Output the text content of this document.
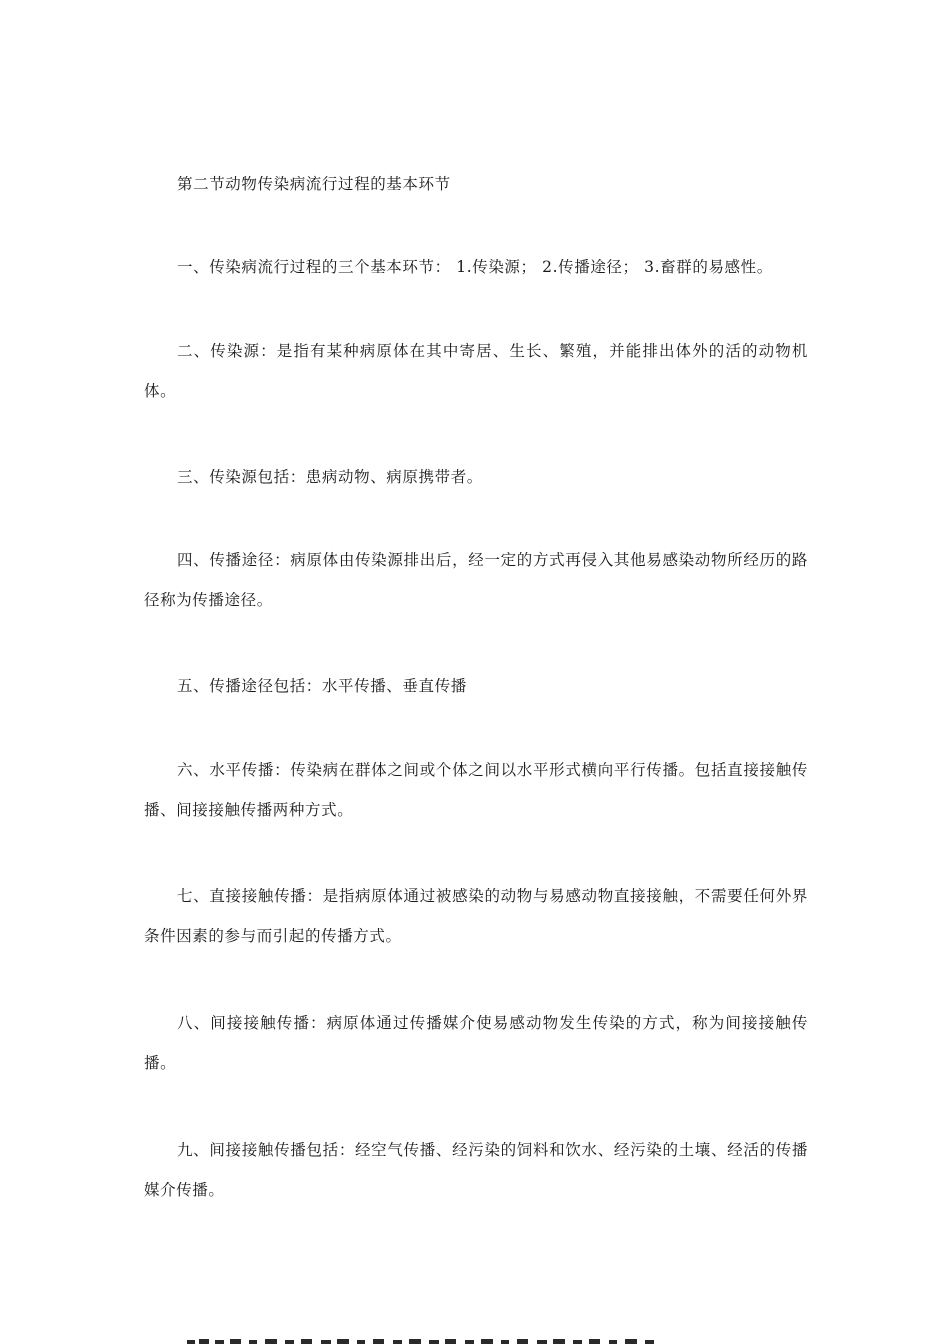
第二节动物传染病流行过程的基本环节

一、传染病流行过程的三个基本环节： 1.传染源； 2.传播途径； 3.畜群的易感性。

二、传染源：是指有某种病原体在其中寄居、生长、繁殖，并能排出体外的活的动物机体。

三、传染源包括：患病动物、病原携带者。

四、传播途径：病原体由传染源排出后，经一定的方式再侵入其他易感染动物所经历的路径称为传播途径。

五、传播途径包括：水平传播、垂直传播

六、水平传播：传染病在群体之间或个体之间以水平形式横向平行传播。包括直接接触传播、间接接触传播两种方式。

七、直接接触传播：是指病原体通过被感染的动物与易感动物直接接触，不需要任何外界条件因素的参与而引起的传播方式。

八、间接接触传播：病原体通过传播媒介使易感动物发生传染的方式，称为间接接触传播。

九、间接接触传播包括：经空气传播、经污染的饲料和饮水、经污染的土壤、经活的传播媒介传播。
